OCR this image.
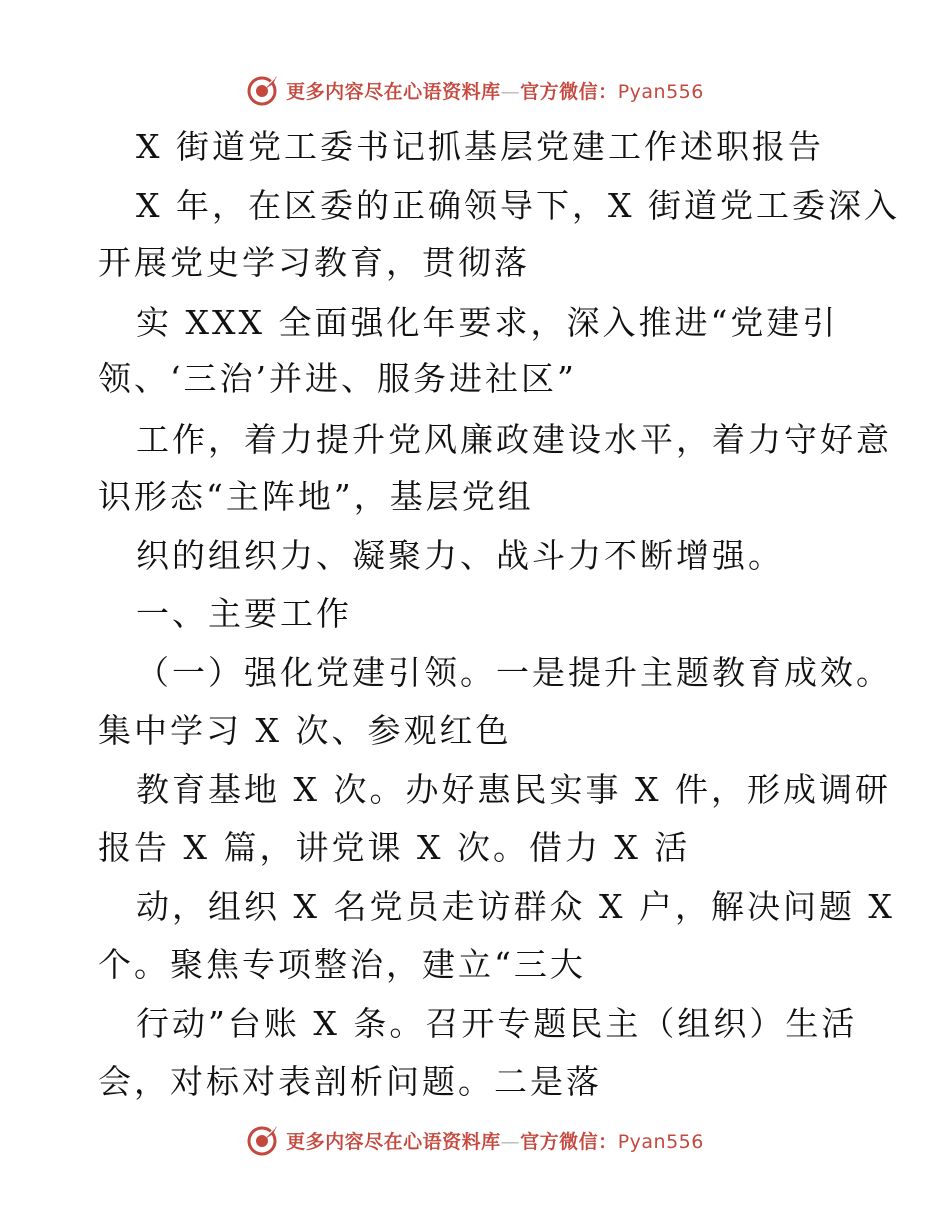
更多内容尽在心语资料库—官方微信：Pyan556
X 街道党工委书记抓基层党建工作述职报告
X 年，在区委的正确领导下，X 街道党工委深入
开展党史学习教育，贯彻落
实 XXX 全面强化年要求，深入推进“党建引
领、‘三治’并进、服务进社区”
工作，着力提升党风廉政建设水平，着力守好意
识形态“主阵地”，基层党组
织的组织力、凝聚力、战斗力不断增强。
一、主要工作
（一）强化党建引领。一是提升主题教育成效。
集中学习 X 次、参观红色
教育基地 X 次。办好惠民实事 X 件，形成调研
报告 X 篇，讲党课 X 次。借力 X 活
动，组织 X 名党员走访群众 X 户，解决问题 X
个。聚焦专项整治，建立“三大
行动”台账 X 条。召开专题民主（组织）生活
会，对标对表剖析问题。二是落
更多内容尽在心语资料库—官方微信：Pyan556
